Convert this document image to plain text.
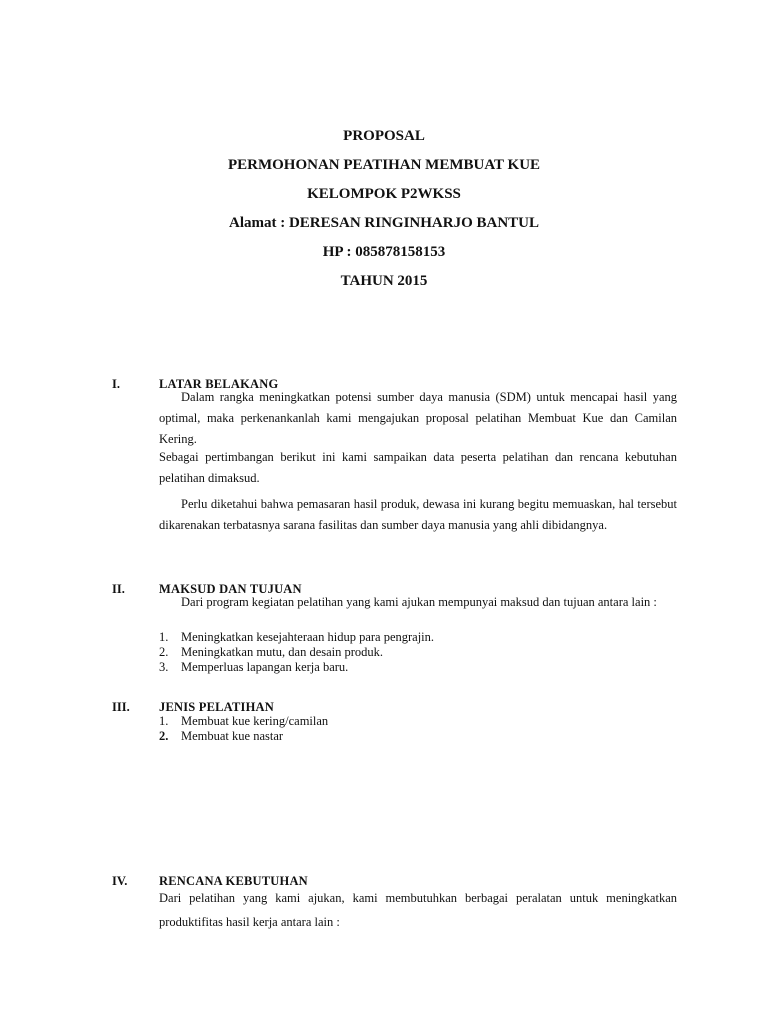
PROPOSAL

PERMOHONAN PEATIHAN MEMBUAT KUE

KELOMPOK P2WKSS

Alamat : DERESAN RINGINHARJO BANTUL

HP : 085878158153

TAHUN 2015

I.	LATAR BELAKANG

Dalam rangka meningkatkan potensi sumber daya manusia (SDM) untuk mencapai hasil yang optimal, maka perkenankanlah kami mengajukan proposal pelatihan Membuat Kue dan Camilan Kering.

Sebagai pertimbangan berikut ini kami sampaikan data peserta pelatihan dan rencana kebutuhan pelatihan dimaksud.

Perlu diketahui bahwa pemasaran hasil produk, dewasa ini kurang begitu memuaskan, hal tersebut dikarenakan terbatasnya sarana fasilitas dan sumber daya manusia yang ahli dibidangnya.

II.	MAKSUD DAN TUJUAN

Dari program kegiatan pelatihan yang kami ajukan mempunyai maksud dan tujuan antara lain :

1. Meningkatkan kesejahteraan hidup para pengrajin.
2. Meningkatkan mutu, dan desain produk.
3. Memperluas lapangan kerja baru.
III. JENIS PELATIHAN
1. Membuat kue kering/camilan
2. Membuat kue nastar
IV.	RENCANA KEBUTUHAN

Dari pelatihan yang kami ajukan, kami membutuhkan berbagai peralatan untuk meningkatkan produktifitas hasil kerja antara lain :
